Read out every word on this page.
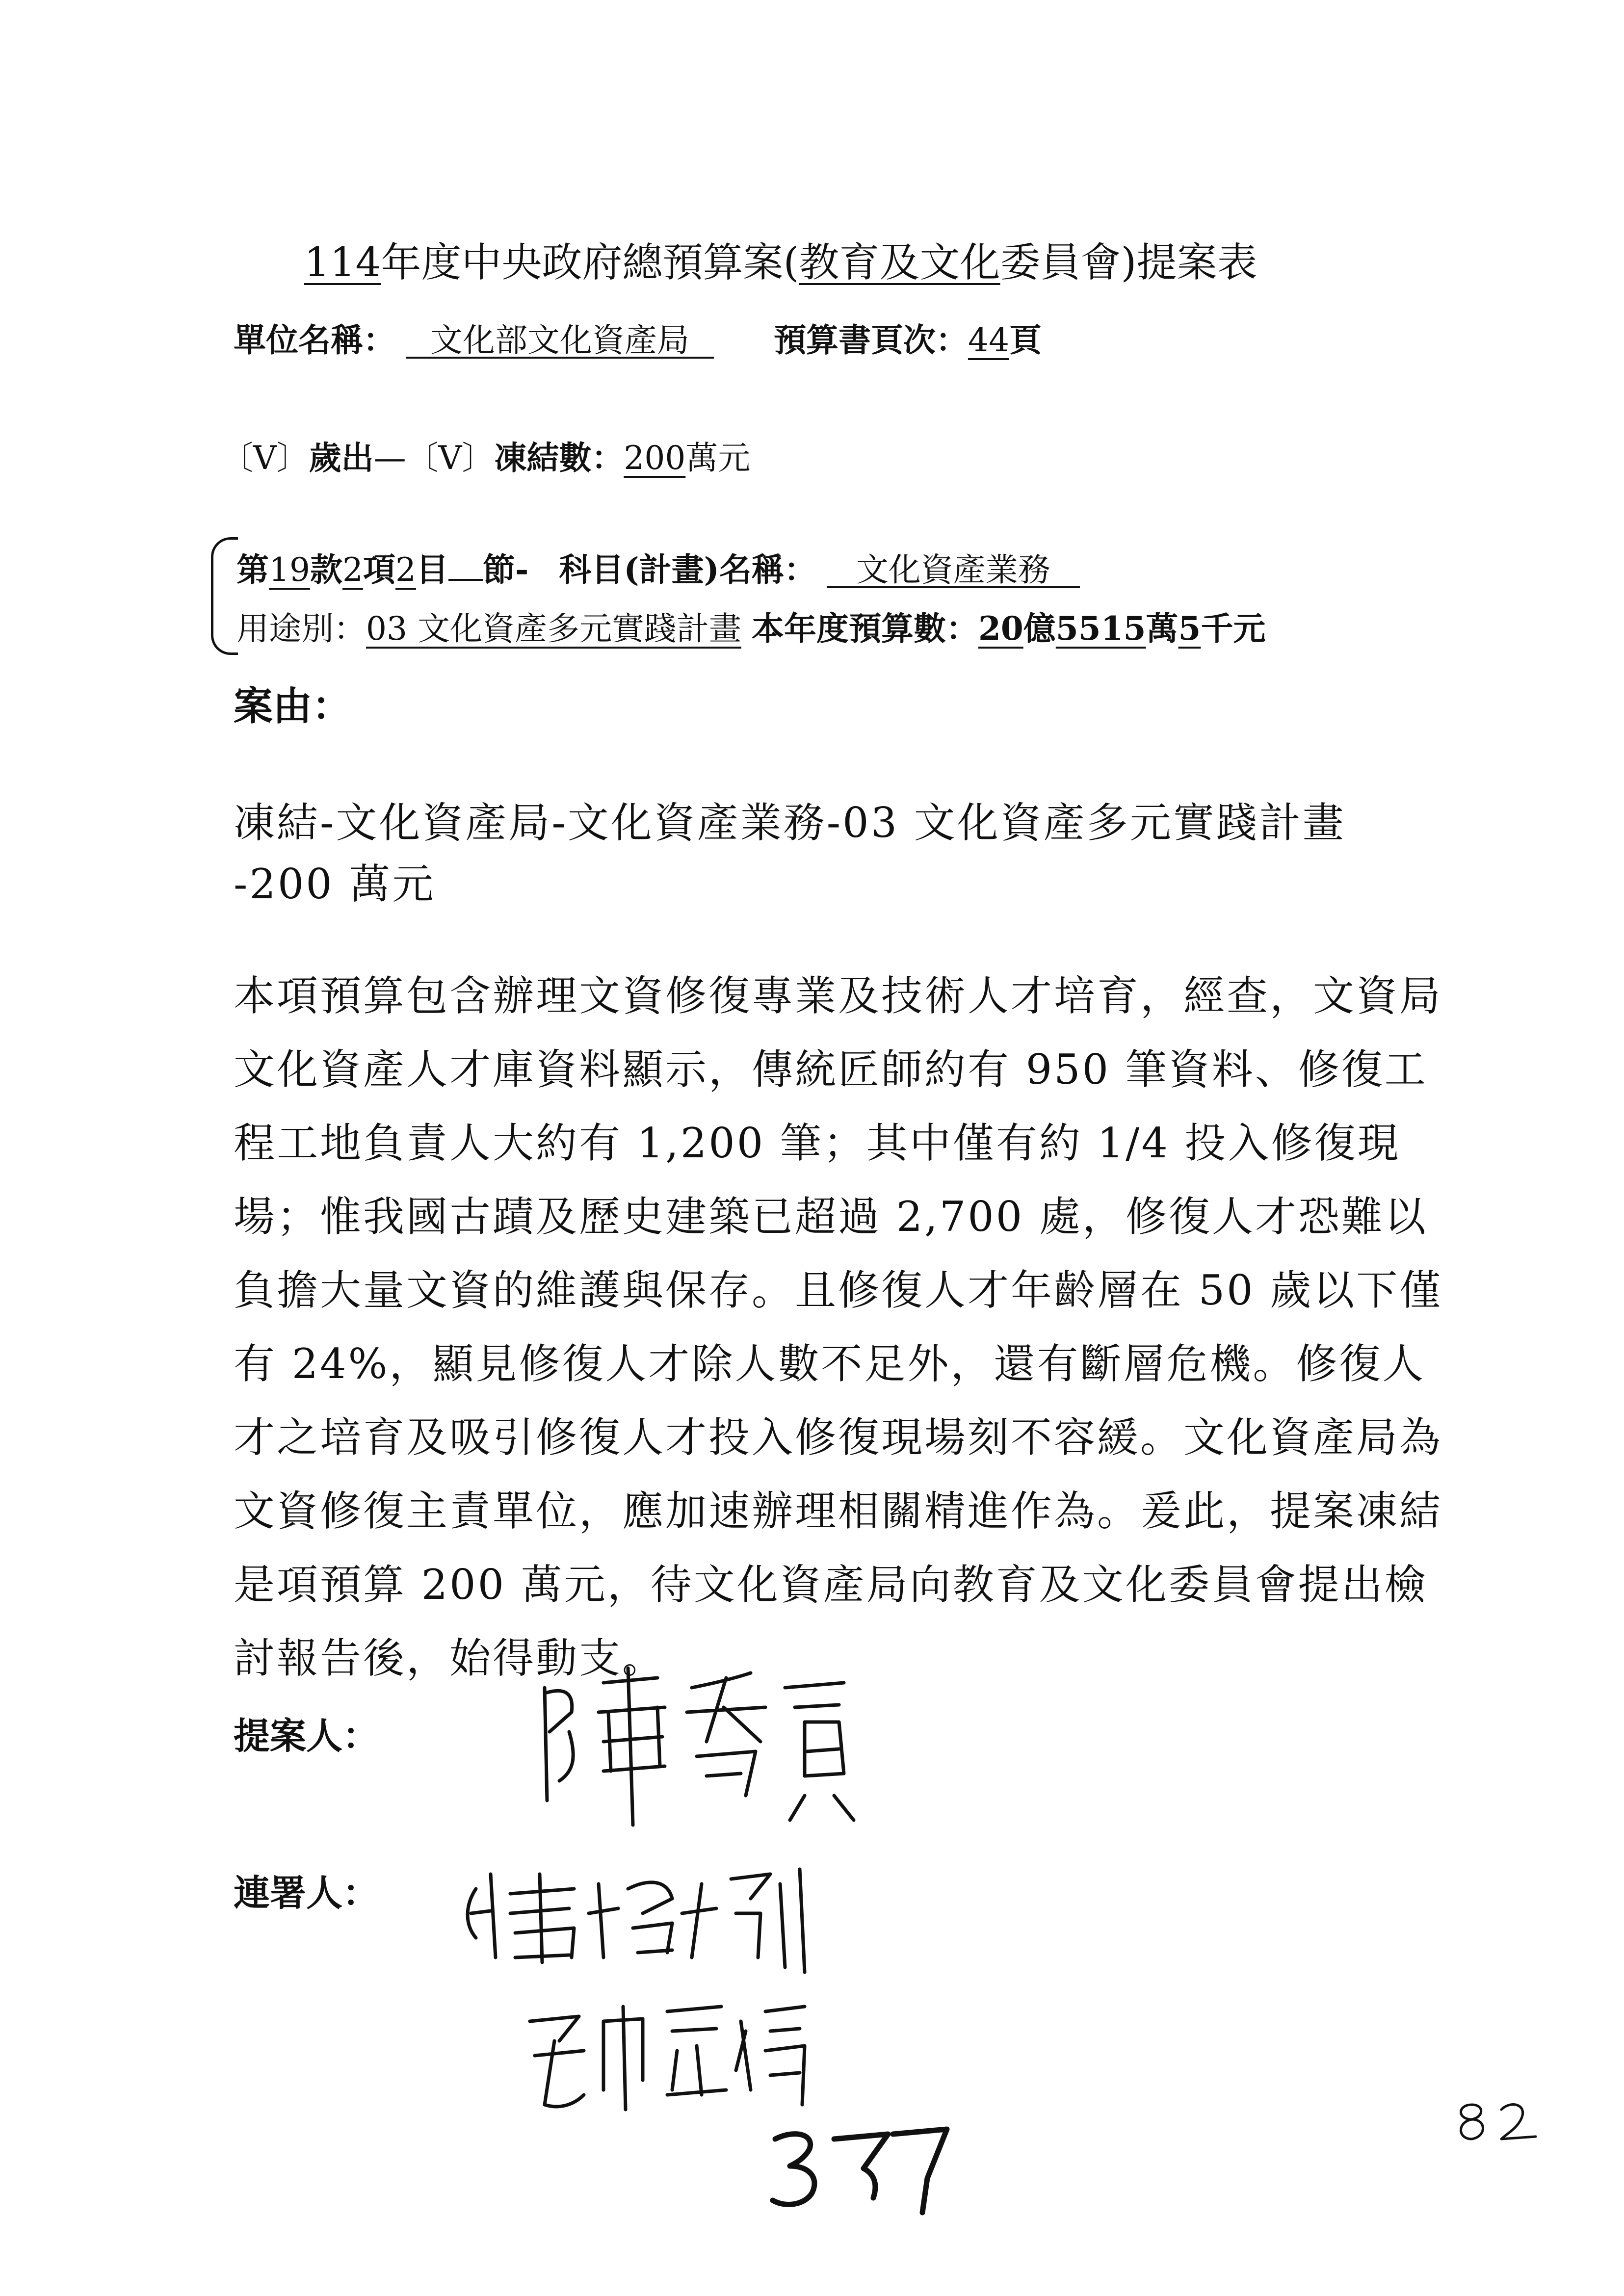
114年度中央政府總預算案(教育及文化委員會)提案表
單位名稱： 文化部文化資產局	預算書頁次：44頁
〔V〕歲出—〔V〕凍結數：200萬元
第19款2項2目 節- 科目(計畫)名稱： 文化資產業務
用途別：03 文化資產多元實踐計畫 本年度預算數：20億5515萬5千元
案由：
凍結-文化資產局-文化資產業務-03 文化資產多元實踐計畫
-200 萬元
本項預算包含辦理文資修復專業及技術人才培育，經查，文資局文化資產人才庫資料顯示，傳統匠師約有 950 筆資料、修復工程工地負責人大約有 1,200 筆；其中僅有約 1/4 投入修復現場；惟我國古蹟及歷史建築已超過 2,700 處，修復人才恐難以負擔大量文資的維護與保存。且修復人才年齡層在 50 歲以下僅有 24%，顯見修復人才除人數不足外，還有斷層危機。修復人才之培育及吸引修復人才投入修復現場刻不容緩。文化資產局為文資修復主責單位，應加速辦理相關精進作為。爰此，提案凍結是項預算 200 萬元，待文化資產局向教育及文化委員會提出檢討報告後，始得動支。
提案人：
連署人：
